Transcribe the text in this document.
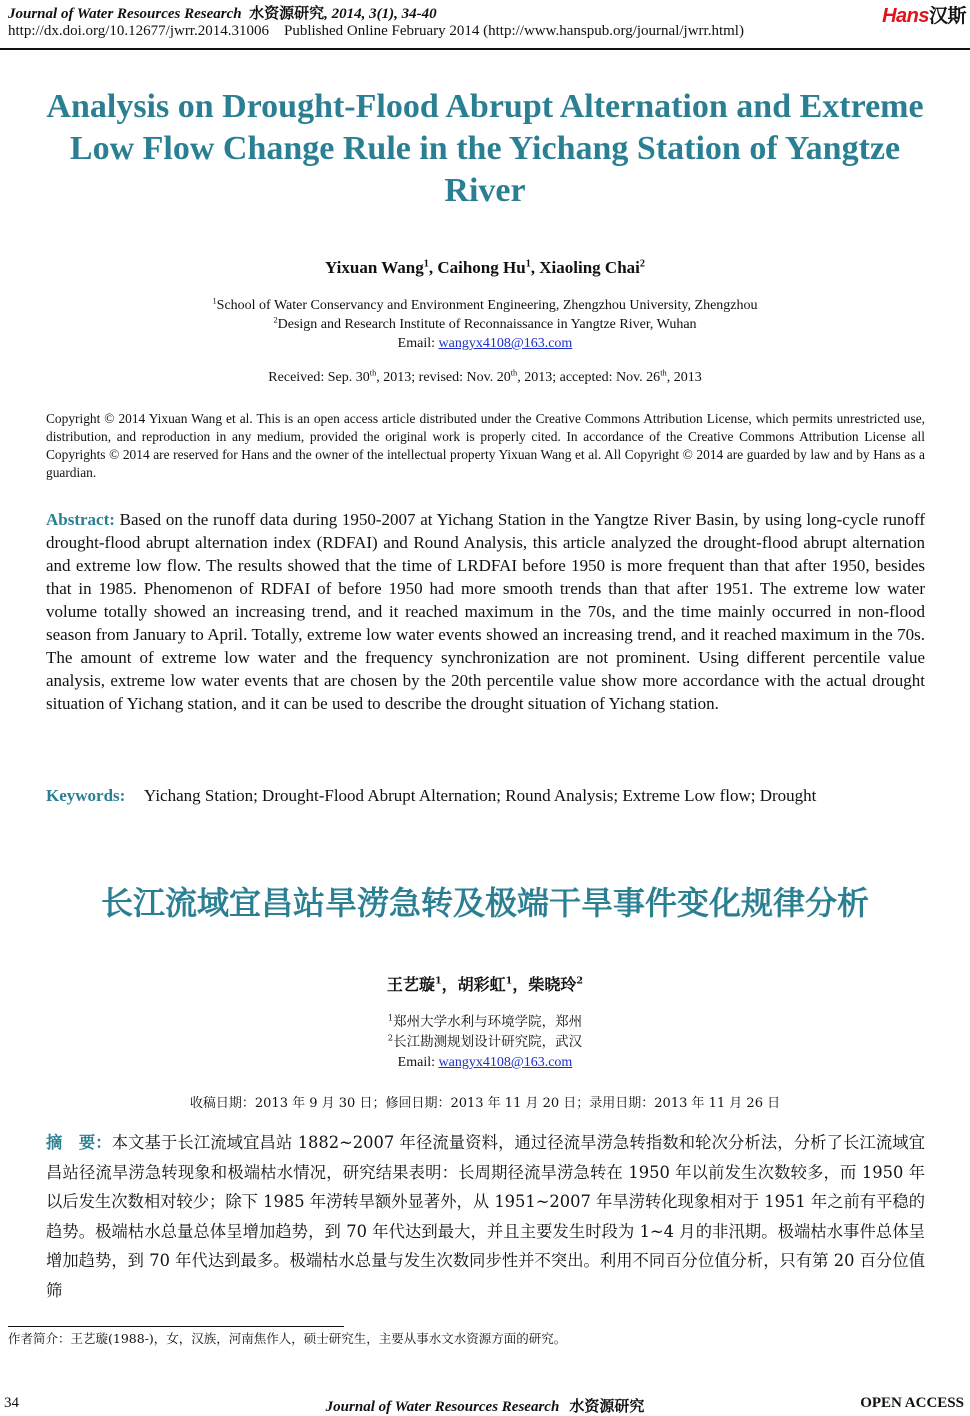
Journal of Water Resources Research 水资源研究, 2014, 3(1), 34-40
http://dx.doi.org/10.12677/jwrr.2014.31006 Published Online February 2014 (http://www.hanspub.org/journal/jwrr.html)
Hans汉斯
Analysis on Drought-Flood Abrupt Alternation and Extreme Low Flow Change Rule in the Yichang Station of Yangtze River
Yixuan Wang$^1$, Caihong Hu$^1$, Xiaoling Chai$^2$
$^1$School of Water Conservancy and Environment Engineering, Zhengzhou University, Zhengzhou
$^2$Design and Research Institute of Reconnaissance in Yangtze River, Wuhan
Email: wangyx4108@163.com
Received: Sep. 30th, 2013; revised: Nov. 20th, 2013; accepted: Nov. 26th, 2013
Copyright © 2014 Yixuan Wang et al. This is an open access article distributed under the Creative Commons Attribution License, which permits unrestricted use, distribution, and reproduction in any medium, provided the original work is properly cited. In accordance of the Creative Commons Attribution License all Copyrights © 2014 are reserved for Hans and the owner of the intellectual property Yixuan Wang et al. All Copyright © 2014 are guarded by law and by Hans as a guardian.
Abstract: Based on the runoff data during 1950-2007 at Yichang Station in the Yangtze River Basin, by using long-cycle runoff drought-flood abrupt alternation index (RDFAI) and Round Analysis, this article analyzed the drought-flood abrupt alternation and extreme low flow. The results showed that the time of LRDFAI before 1950 is more frequent than that after 1950, besides that in 1985. Phenomenon of RDFAI of before 1950 had more smooth trends than that after 1951. The extreme low water volume totally showed an increasing trend, and it reached maximum in the 70s, and the time mainly occurred in non-flood season from January to April. Totally, extreme low water events showed an increasing trend, and it reached maximum in the 70s. The amount of extreme low water and the frequency synchronization are not prominent. Using different percentile value analysis, extreme low water events that are chosen by the 20th percentile value show more accordance with the actual drought situation of Yichang station, and it can be used to describe the drought situation of Yichang station.
Keywords: Yichang Station; Drought-Flood Abrupt Alternation; Round Analysis; Extreme Low flow; Drought
长江流域宜昌站旱涝急转及极端干旱事件变化规律分析
王艺璇$^1$，胡彩虹$^1$，柴晓玲$^2$
$^1$郑州大学水利与环境学院，郑州
$^2$长江勘测规划设计研究院，武汉
Email: wangyx4108@163.com
收稿日期：2013 年 9 月 30 日；修回日期：2013 年 11 月 20 日；录用日期：2013 年 11 月 26 日
摘　要：本文基于长江流域宜昌站 1882~2007 年径流量资料，通过径流旱涝急转指数和轮次分析法，分析了长江流域宜昌站径流旱涝急转现象和极端枯水情况，研究结果表明：长周期径流旱涝急转在 1950 年以前发生次数较多，而 1950 年以后发生次数相对较少；除下 1985 年涝转旱额外显著外，从 1951~2007 年旱涝转化现象相对于 1951 年之前有平稳的趋势。极端枯水总量总体呈增加趋势，到 70 年代达到最大，并且主要发生时段为 1~4 月的非汛期。极端枯水事件总体呈增加趋势，到 70 年代达到最多。极端枯水总量与发生次数同步性并不突出。利用不同百分位值分析，只有第 20 百分位值筛
作者简介：王艺璇(1988-)，女，汉族，河南焦作人，硕士研究生，主要从事水文水资源方面的研究。
34	Journal of Water Resources Research 水资源研究	OPEN ACCESS
